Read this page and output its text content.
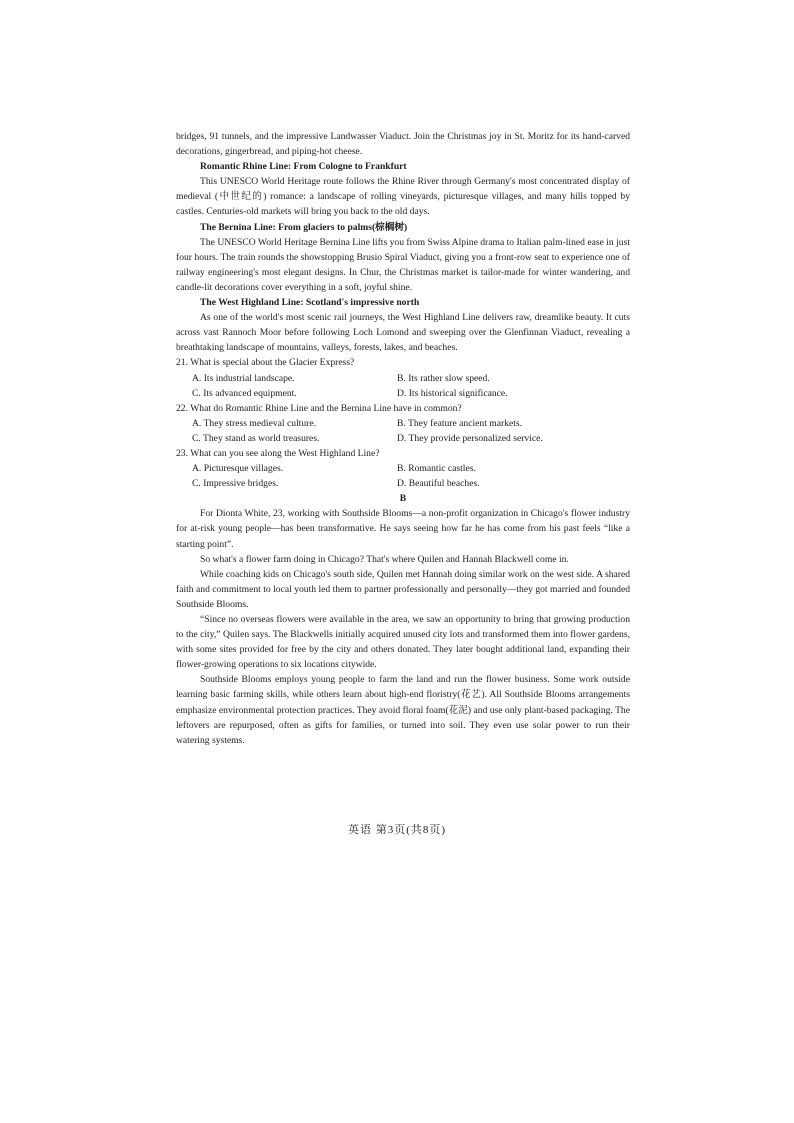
bridges, 91 tunnels, and the impressive Landwasser Viaduct. Join the Christmas joy in St. Moritz for its hand-carved decorations, gingerbread, and piping-hot cheese.

Romantic Rhine Line: From Cologne to Frankfurt

This UNESCO World Heritage route follows the Rhine River through Germany's most concentrated display of medieval (中世纪的) romance: a landscape of rolling vineyards, picturesque villages, and many hills topped by castles. Centuries-old markets will bring you back to the old days.

The Bernina Line: From glaciers to palms(棕榈树)

The UNESCO World Heritage Bernina Line lifts you from Swiss Alpine drama to Italian palm-lined ease in just four hours. The train rounds the showstopping Brusio Spiral Viaduct, giving you a front-row seat to experience one of railway engineering's most elegant designs. In Chur, the Christmas market is tailor-made for winter wandering, and candle-lit decorations cover everything in a soft, joyful shine.

The West Highland Line: Scotland's impressive north

As one of the world's most scenic rail journeys, the West Highland Line delivers raw, dreamlike beauty. It cuts across vast Rannoch Moor before following Loch Lomond and sweeping over the Glenfinnan Viaduct, revealing a breathtaking landscape of mountains, valleys, forests, lakes, and beaches.

21. What is special about the Glacier Express?

A. Its industrial landscape.	B. Its rather slow speed.

C. Its advanced equipment.	D. Its historical significance.

22. What do Romantic Rhine Line and the Bernina Line have in common?

A. They stress medieval culture.	B. They feature ancient markets.

C. They stand as world treasures.	D. They provide personalized service.

23. What can you see along the West Highland Line?

A. Picturesque villages.	B. Romantic castles.

C. Impressive bridges.	D. Beautiful beaches.

B

For Dionta White, 23, working with Southside Blooms—a non-profit organization in Chicago's flower industry for at-risk young people—has been transformative. He says seeing how far he has come from his past feels “like a starting point”.

So what's a flower farm doing in Chicago? That's where Quilen and Hannah Blackwell come in.

While coaching kids on Chicago's south side, Quilen met Hannah doing similar work on the west side. A shared faith and commitment to local youth led them to partner professionally and personally—they got married and founded Southside Blooms.

“Since no overseas flowers were available in the area, we saw an opportunity to bring that growing production to the city,” Quilen says. The Blackwells initially acquired unused city lots and transformed them into flower gardens, with some sites provided for free by the city and others donated. They later bought additional land, expanding their flower-growing operations to six locations citywide.

Southside Blooms employs young people to farm the land and run the flower business. Some work outside learning basic farming skills, while others learn about high-end floristry(花艺). All Southside Blooms arrangements emphasize environmental protection practices. They avoid floral foam(花泥) and use only plant-based packaging. The leftovers are repurposed, often as gifts for families, or turned into soil. They even use solar power to run their watering systems.

英语 第3页(共8页)
